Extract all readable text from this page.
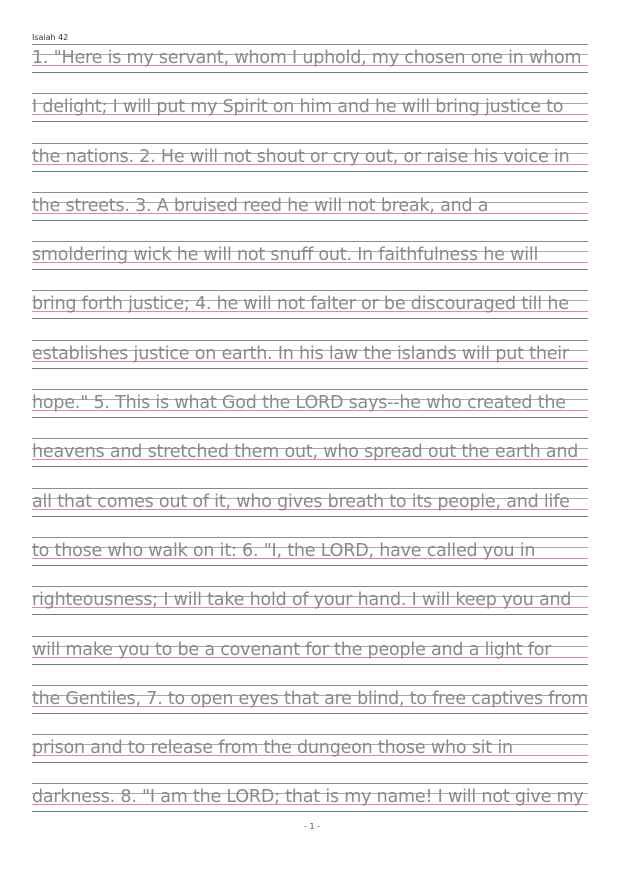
Isaiah 42
1. "Here is my servant, whom I uphold, my chosen one in whom
I delight; I will put my Spirit on him and he will bring justice to
the nations. 2. He will not shout or cry out, or raise his voice in
the streets. 3. A bruised reed he will not break, and a
smoldering wick he will not snuff out. In faithfulness he will
bring forth justice; 4. he will not falter or be discouraged till he
establishes justice on earth. In his law the islands will put their
hope." 5. This is what God the LORD says--he who created the
heavens and stretched them out, who spread out the earth and
all that comes out of it, who gives breath to its people, and life
to those who walk on it: 6. "I, the LORD, have called you in
righteousness; I will take hold of your hand. I will keep you and
will make you to be a covenant for the people and a light for
the Gentiles, 7. to open eyes that are blind, to free captives from
prison and to release from the dungeon those who sit in
darkness. 8. "I am the LORD; that is my name! I will not give my
- 1 -
